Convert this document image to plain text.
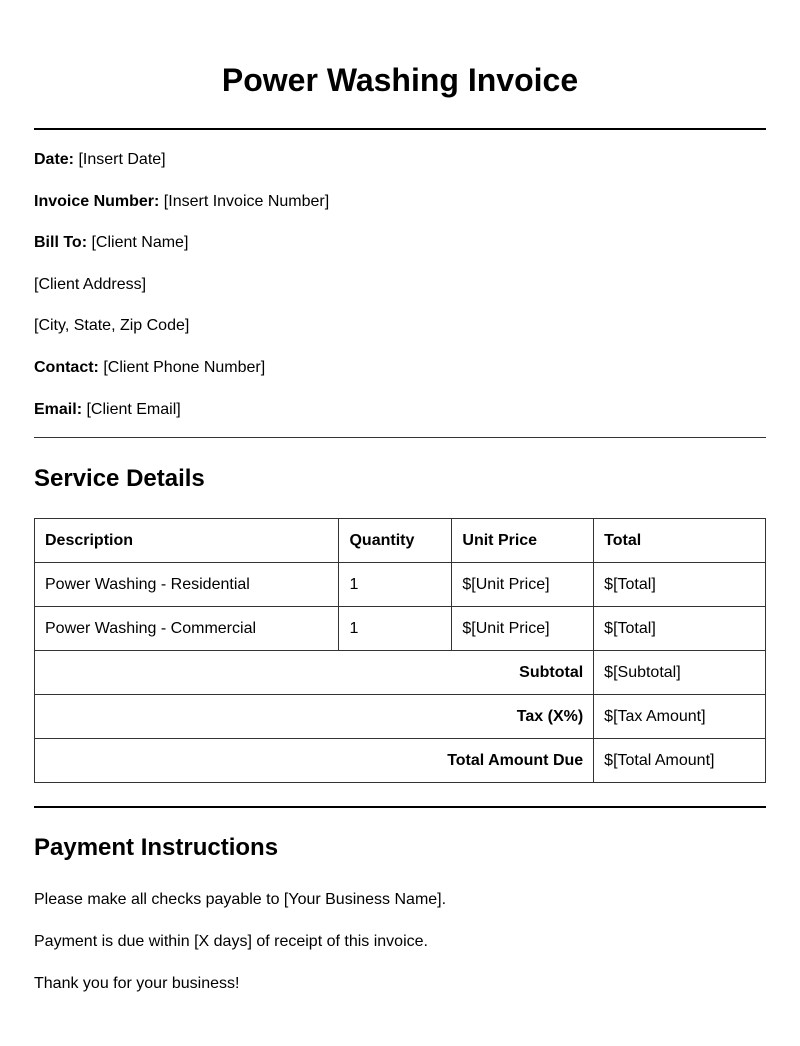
Power Washing Invoice
Date: [Insert Date]
Invoice Number: [Insert Invoice Number]
Bill To: [Client Name]
[Client Address]
[City, State, Zip Code]
Contact: [Client Phone Number]
Email: [Client Email]
Service Details
Description	Quantity	Unit Price	Total
Power Washing - Residential	1	$[Unit Price]	$[Total]
Power Washing - Commercial	1	$[Unit Price]	$[Total]
Subtotal			$[Subtotal]
Tax (X%)			$[Tax Amount]
Total Amount Due			$[Total Amount]
Payment Instructions
Please make all checks payable to [Your Business Name].
Payment is due within [X days] of receipt of this invoice.
Thank you for your business!
